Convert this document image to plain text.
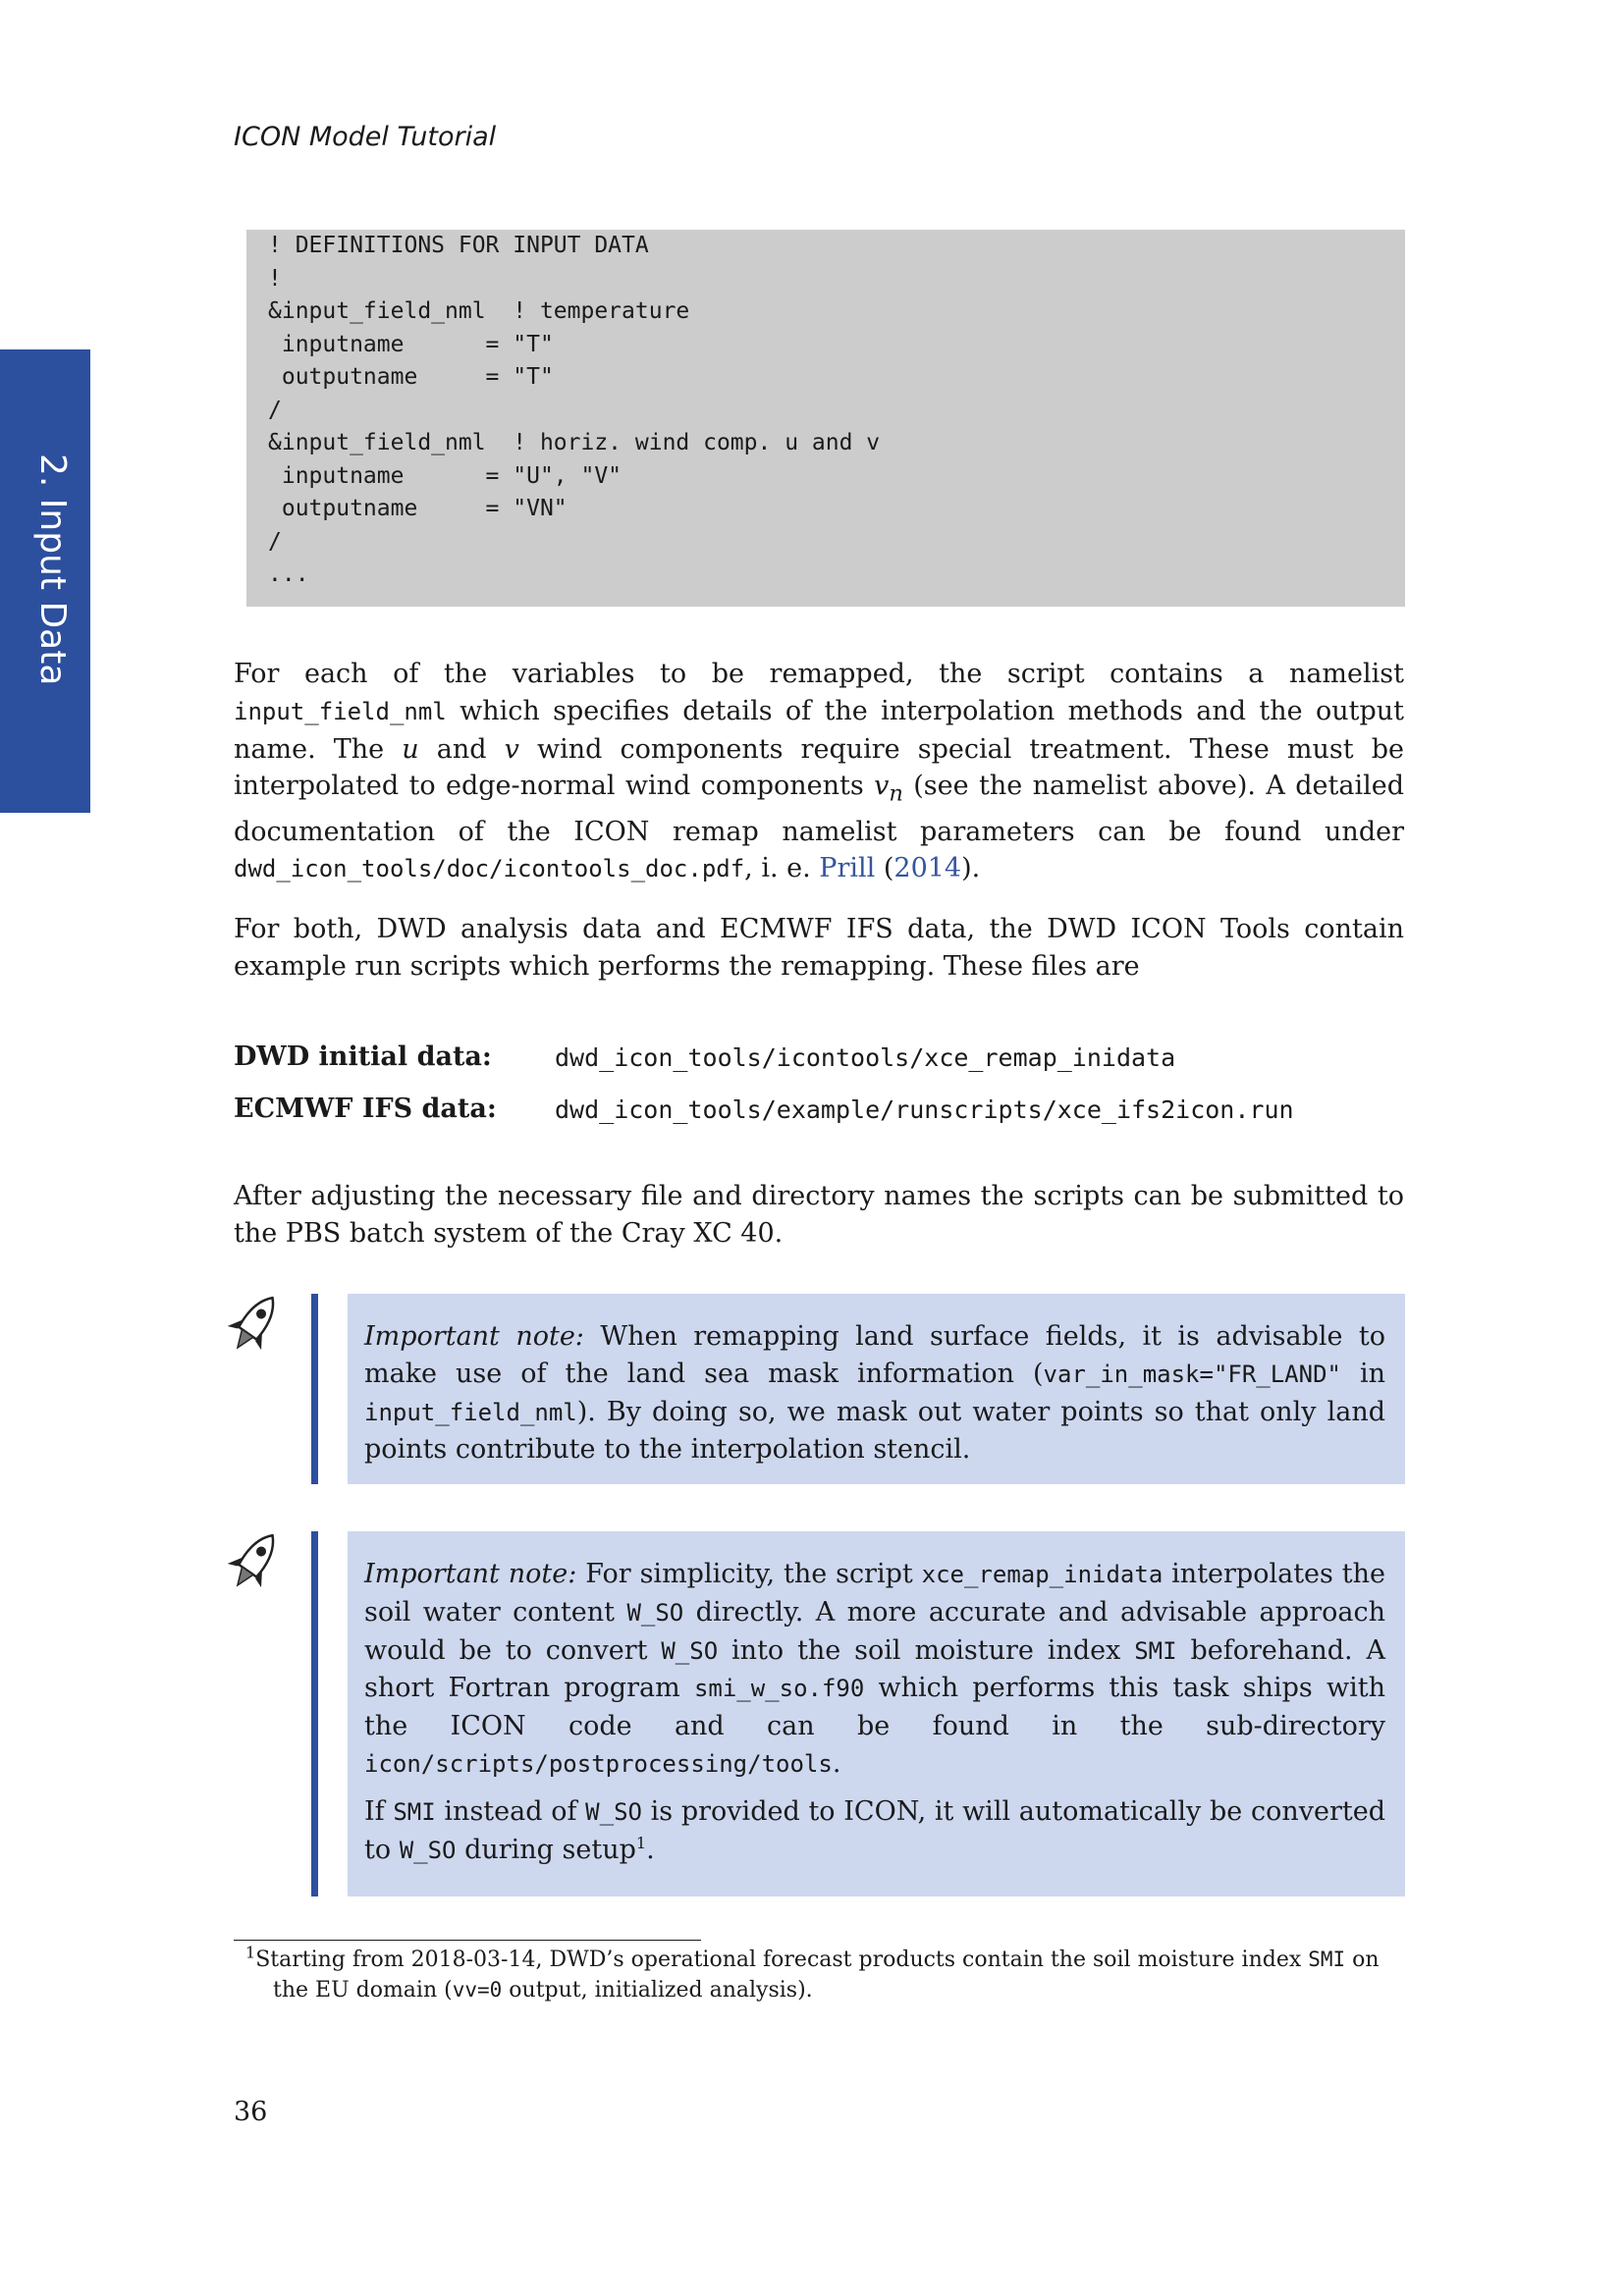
ICON Model Tutorial
2. Input Data
! DEFINITIONS FOR INPUT DATA
!
&input_field_nml  ! temperature
inputname      = "T"
outputname     = "T"
/
&input_field_nml  ! horiz. wind comp. u and v
inputname      = "U", "V"
outputname     = "VN"
/
...
For each of the variables to be remapped, the script contains a namelist input_field_nml which specifies details of the interpolation methods and the output name. The u and v wind components require special treatment. These must be interpolated to edge-normal wind components $v_n$ (see the namelist above). A detailed documentation of the ICON remap namelist parameters can be found under dwd_icon_tools/doc/icontools_doc.pdf, i. e. Prill (2014).
For both, DWD analysis data and ECMWF IFS data, the DWD ICON Tools contain example run scripts which performs the remapping. These files are
DWD initial data:	dwd_icon_tools/icontools/xce_remap_inidata
ECMWF IFS data: dwd_icon_tools/example/runscripts/xce_ifs2icon.run
After adjusting the necessary file and directory names the scripts can be submitted to the PBS batch system of the Cray XC 40.
Important note: When remapping land surface fields, it is advisable to make use of the land sea mask information (var_in_mask="FR_LAND" in input_field_nml). By doing so, we mask out water points so that only land points contribute to the interpolation stencil.
Important note: For simplicity, the script xce_remap_inidata interpolates the soil water content W_SO directly. A more accurate and advisable approach would be to convert W_SO into the soil moisture index SMI beforehand. A short Fortran program smi_w_so.f90 which performs this task ships with the ICON code and can be found in the sub-directory icon/scripts/postprocessing/tools.
If SMI instead of W_SO is provided to ICON, it will automatically be converted to W_SO during setup$^1$.
$^1$Starting from 2018-03-14, DWD’s operational forecast products contain the soil moisture index SMI on
the EU domain (vv=0 output, initialized analysis).
36
